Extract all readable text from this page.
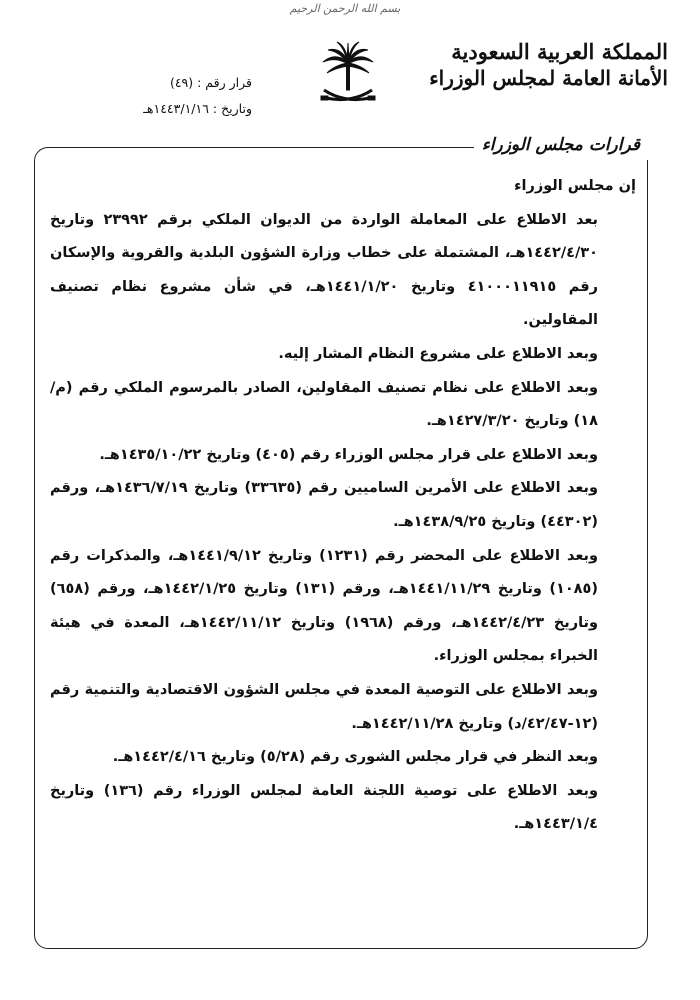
بسم الله الرحمن الرحيم
المملكة العربية السعودية
الأمانة العامة لمجلس الوزراء
قرار رقم : (٤٩)
وتاريخ : ١٤٤٣/١/١٦هـ
قرارات مجلس الوزراء

إن مجلس الوزراء

بعد الاطلاع على المعاملة الواردة من الديوان الملكي برقم ٢٣٩٩٢ وتاريخ ١٤٤٢/٤/٣٠هـ، المشتملة على خطاب وزارة الشؤون البلدية والقروية والإسكان رقم ٤١٠٠٠١١٩١٥ وتاريخ ١٤٤١/١/٢٠هـ، في شأن مشروع نظام تصنيف المقاولين.

وبعد الاطلاع على مشروع النظام المشار إليه.

وبعد الاطلاع على نظام تصنيف المقاولين، الصادر بالمرسوم الملكي رقم (م/١٨) وتاريخ ١٤٢٧/٣/٢٠هـ.

وبعد الاطلاع على قرار مجلس الوزراء رقم (٤٠٥) وتاريخ ١٤٣٥/١٠/٢٢هـ.

وبعد الاطلاع على الأمرين الساميين رقم (٣٣٦٣٥) وتاريخ ١٤٣٦/٧/١٩هـ، ورقم (٤٤٣٠٢) وتاريخ ١٤٣٨/٩/٢٥هـ.

وبعد الاطلاع على المحضر رقم (١٢٣١) وتاريخ ١٤٤١/٩/١٢هـ، والمذكرات رقم (١٠٨٥) وتاريخ ١٤٤١/١١/٢٩هـ، ورقم (١٣١) وتاريخ ١٤٤٢/١/٢٥هـ، ورقم (٦٥٨) وتاريخ ١٤٤٢/٤/٢٣هـ، ورقم (١٩٦٨) وتاريخ ١٤٤٢/١١/١٢هـ، المعدة في هيئة الخبراء بمجلس الوزراء.

وبعد الاطلاع على التوصية المعدة في مجلس الشؤون الاقتصادية والتنمية رقم (١٢-٤٢/٤٧/د) وتاريخ ١٤٤٢/١١/٢٨هـ.

وبعد النظر في قرار مجلس الشورى رقم (٥/٢٨) وتاريخ ١٤٤٢/٤/١٦هـ.

وبعد الاطلاع على توصية اللجنة العامة لمجلس الوزراء رقم (١٣٦) وتاريخ ١٤٤٣/١/٤هـ.
